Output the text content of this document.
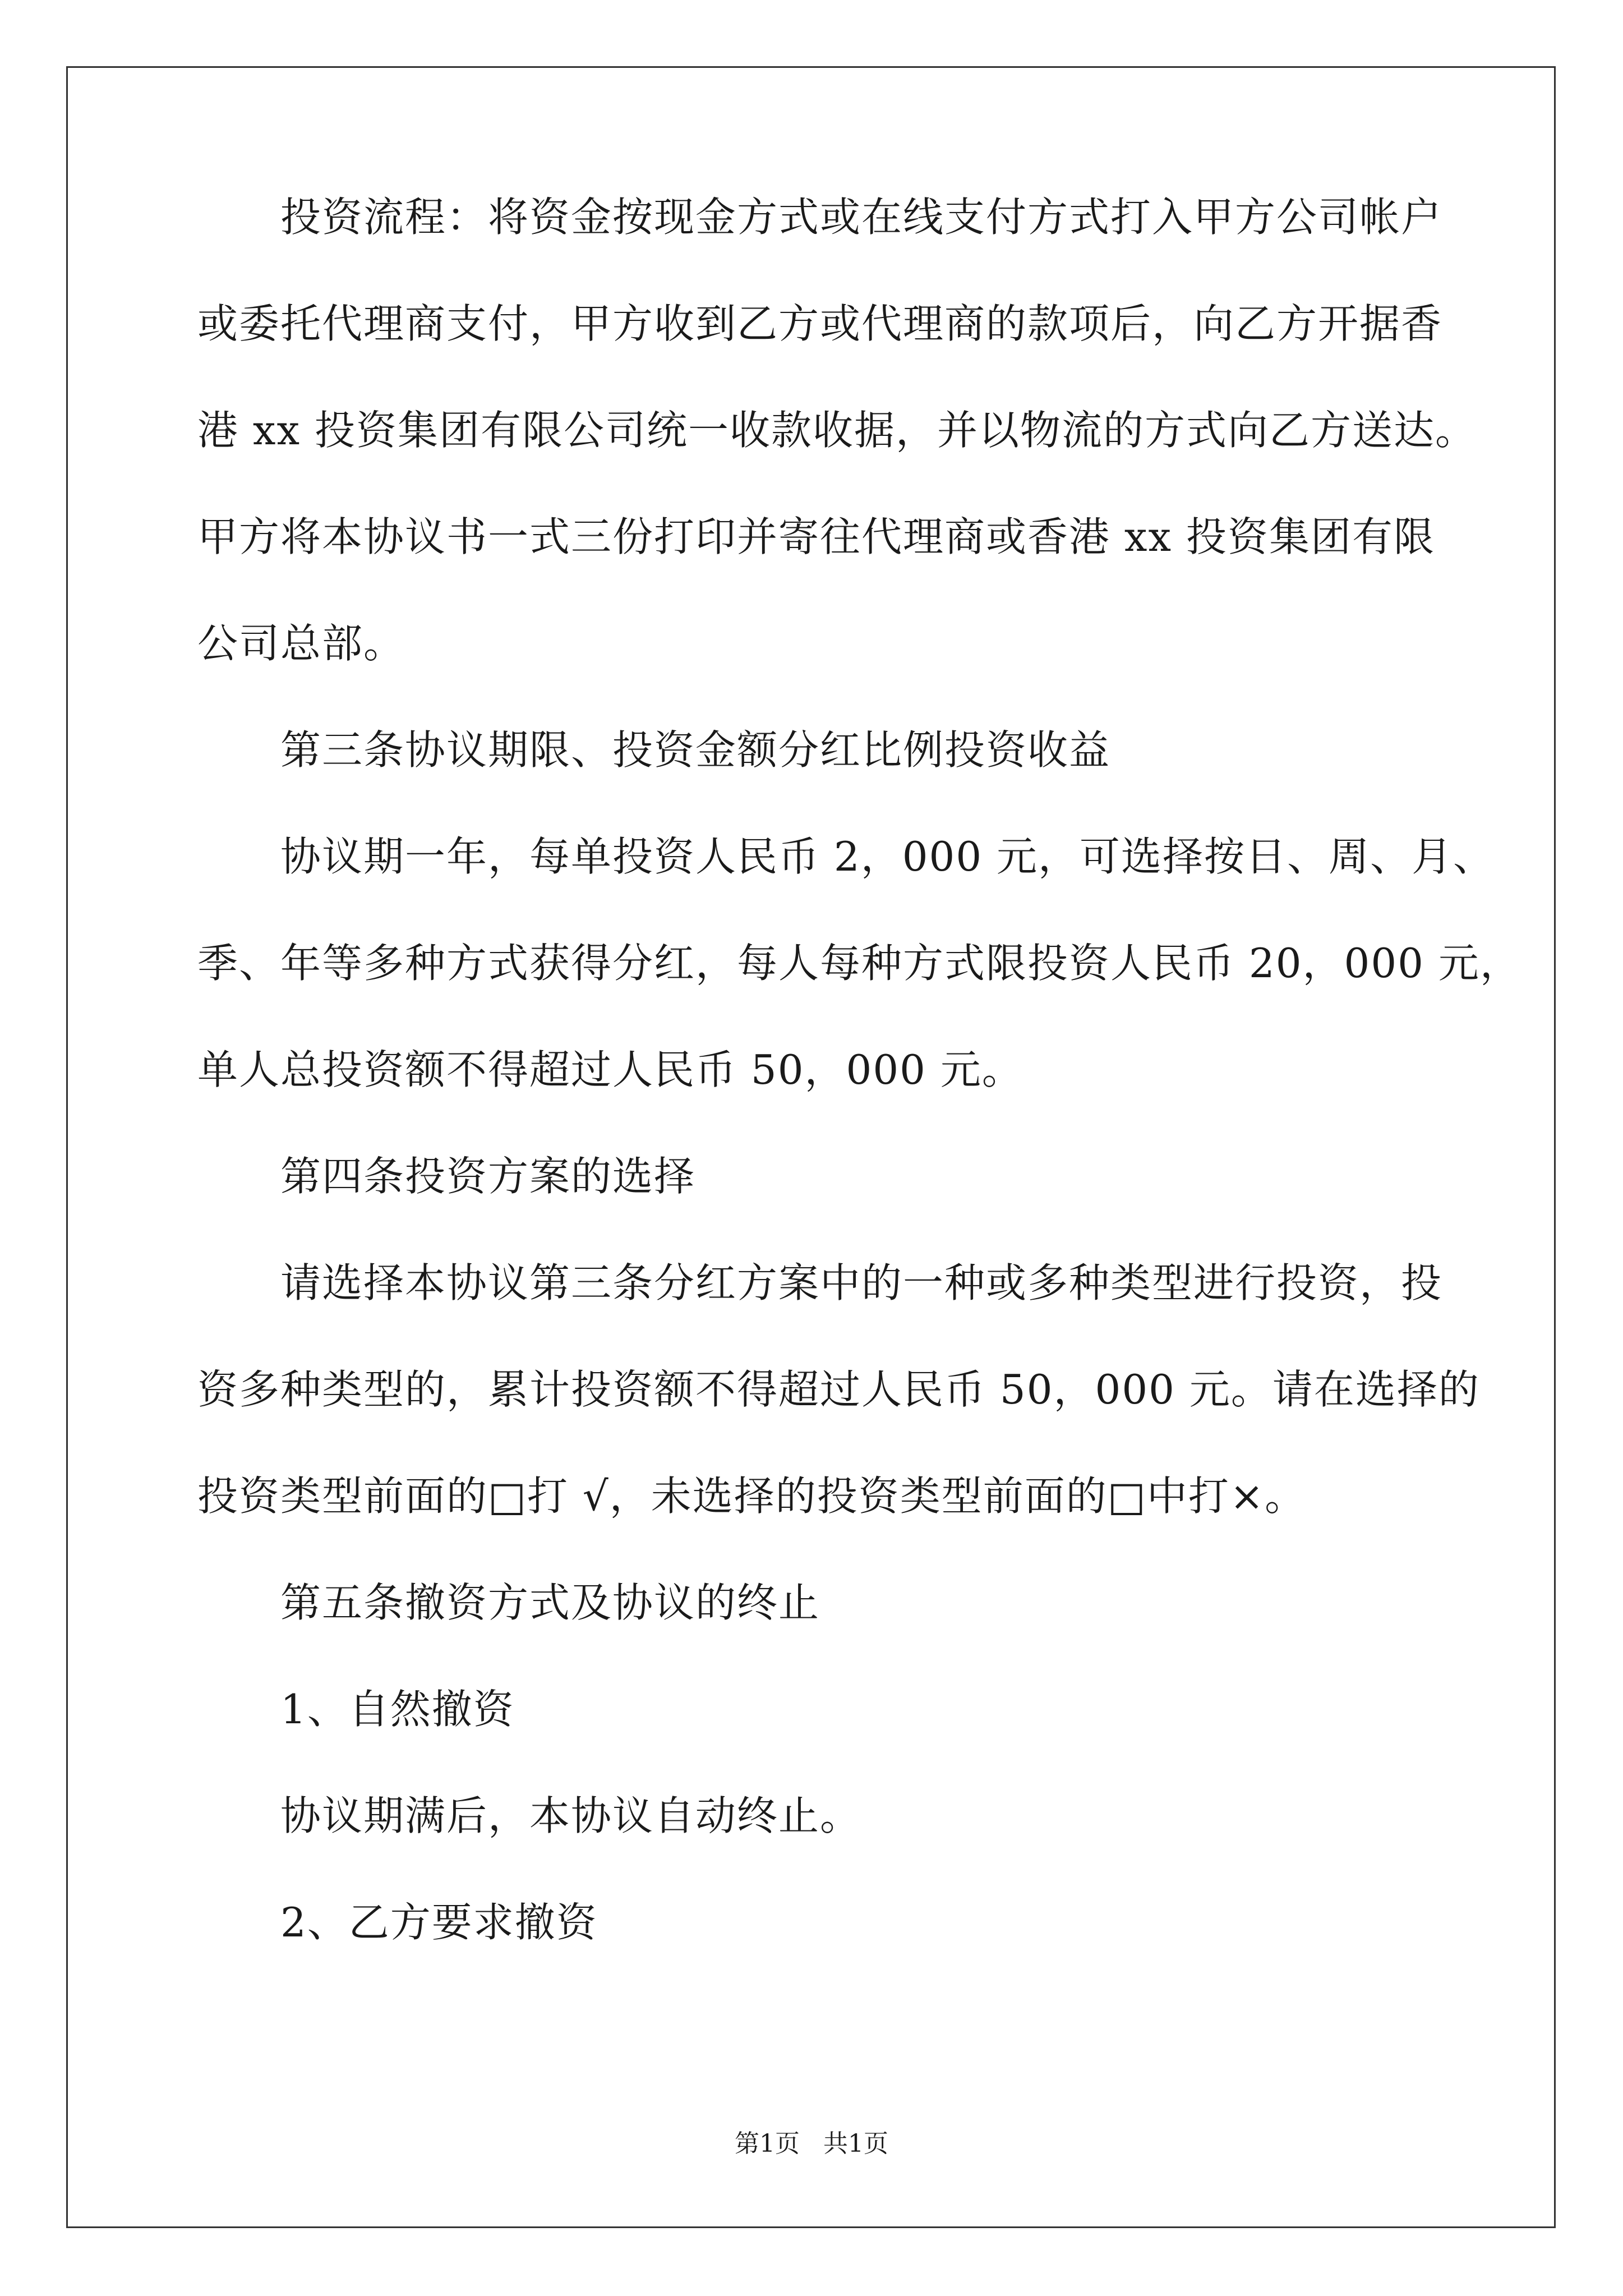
投资流程：将资金按现金方式或在线支付方式打入甲方公司帐户
或委托代理商支付，甲方收到乙方或代理商的款项后，向乙方开据香
港 xx 投资集团有限公司统一收款收据，并以物流的方式向乙方送达。
甲方将本协议书一式三份打印并寄往代理商或香港 xx 投资集团有限
公司总部。
第三条协议期限、投资金额分红比例投资收益
协议期一年，每单投资人民币 2，000 元，可选择按日、周、月、
季、年等多种方式获得分红，每人每种方式限投资人民币 20，000 元，
单人总投资额不得超过人民币 50，000 元。
第四条投资方案的选择
请选择本协议第三条分红方案中的一种或多种类型进行投资，投
资多种类型的，累计投资额不得超过人民币 50，000 元。请在选择的
投资类型前面的□打 √，未选择的投资类型前面的□中打×。
第五条撤资方式及协议的终止
1、自然撤资
协议期满后，本协议自动终止。
2、乙方要求撤资
第1页 共1页
